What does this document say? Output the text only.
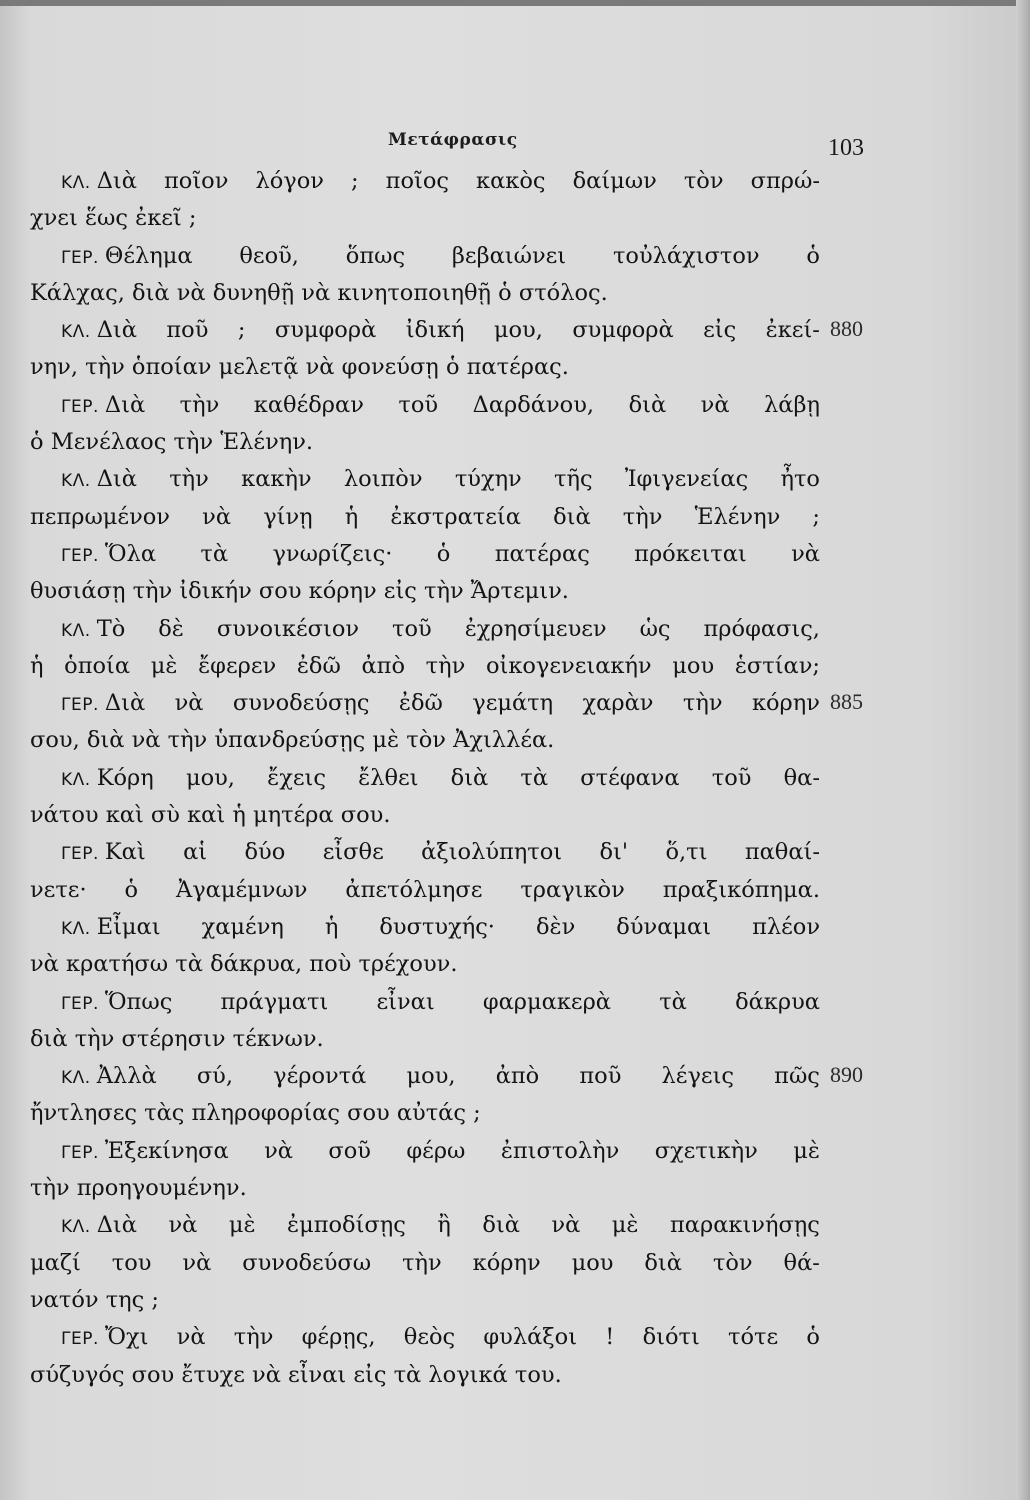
Μετάφρασις	103
ΚΛ. Διὰ ποῖον λόγον ; ποῖος κακὸς δαίμων τὸν σπρώ-
χνει ἕως ἐκεῖ ;
ΓΕΡ. Θέλημα θεοῦ, ὅπως βεβαιώνει τοὐλάχιστον ὁ
Κάλχας, διὰ νὰ δυνηθῇ νὰ κινητοποιηθῇ ὁ στόλος.
ΚΛ. Διὰ ποῦ ; συμφορὰ ἰδική μου, συμφορὰ εἰς ἐκεί-
νην, τὴν ὁποίαν μελετᾷ νὰ φονεύσῃ ὁ πατέρας.
ΓΕΡ. Διὰ τὴν καθέδραν τοῦ Δαρδάνου, διὰ νὰ λάβῃ
ὁ Μενέλαος τὴν Ἑλένην.
ΚΛ. Διὰ τὴν κακὴν λοιπὸν τύχην τῆς Ἰφιγενείας ἦτο
πεπρωμένον νὰ γίνῃ ἡ ἐκστρατεία διὰ τὴν Ἑλένην ;
ΓΕΡ. Ὅλα τὰ γνωρίζεις· ὁ πατέρας πρόκειται νὰ
θυσιάσῃ τὴν ἰδικήν σου κόρην εἰς τὴν Ἄρτεμιν.
ΚΛ. Τὸ δὲ συνοικέσιον τοῦ ἐχρησίμευεν ὡς πρόφασις,
ἡ ὁποία μὲ ἔφερεν ἐδῶ ἀπὸ τὴν οἰκογενειακήν μου ἑστίαν;
ΓΕΡ. Διὰ νὰ συνοδεύσῃς ἐδῶ γεμάτη χαρὰν τὴν κόρην
σου, διὰ νὰ τὴν ὑπανδρεύσῃς μὲ τὸν Ἀχιλλέα.
ΚΛ. Κόρη μου, ἔχεις ἔλθει διὰ τὰ στέφανα τοῦ θα-
νάτου καὶ σὺ καὶ ἡ μητέρα σου.
ΓΕΡ. Καὶ αἱ δύο εἶσθε ἀξιολύπητοι δι' ὅ,τι παθαί-
νετε· ὁ Ἀγαμέμνων ἀπετόλμησε τραγικὸν πραξικόπημα.
ΚΛ. Εἶμαι χαμένη ἡ δυστυχής· δὲν δύναμαι πλέον
νὰ κρατήσω τὰ δάκρυα, ποὺ τρέχουν.
ΓΕΡ. Ὅπως πράγματι εἶναι φαρμακερὰ τὰ δάκρυα
διὰ τὴν στέρησιν τέκνων.
ΚΛ. Ἀλλὰ σύ, γέροντά μου, ἀπὸ ποῦ λέγεις πῶς
ἤντλησες τὰς πληροφορίας σου αὐτάς ;
ΓΕΡ. Ἐξεκίνησα νὰ σοῦ φέρω ἐπιστολὴν σχετικὴν μὲ
τὴν προηγουμένην.
ΚΛ. Διὰ νὰ μὲ ἐμποδίσῃς ἢ διὰ νὰ μὲ παρακινήσῃς
μαζί του νὰ συνοδεύσω τὴν κόρην μου διὰ τὸν θά-
νατόν της ;
ΓΕΡ. Ὄχι νὰ τὴν φέρῃς, θεὸς φυλάξοι ! διότι τότε ὁ
σύζυγός σου ἔτυχε νὰ εἶναι εἰς τὰ λογικά του.
880
885
890
